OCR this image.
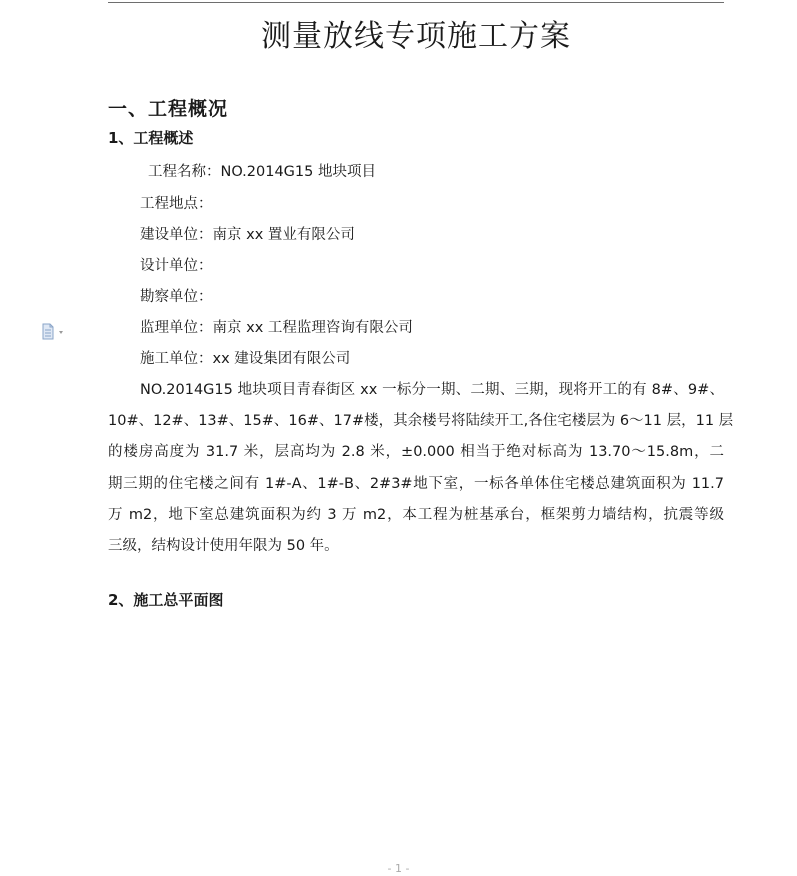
测量放线专项施工方案
一、工程概况
1、工程概述
工程名称：NO.2014G15 地块项目
工程地点：
建设单位：南京 xx 置业有限公司
设计单位：
勘察单位：
监理单位：南京 xx 工程监理咨询有限公司
施工单位：xx 建设集团有限公司
NO.2014G15 地块项目青春街区 xx 一标分一期、二期、三期，现将开工的有 8#、9#、
10#、12#、13#、15#、16#、17#楼，其余楼号将陆续开工,各住宅楼层为 6～11 层，11 层
的楼房高度为 31.7 米，层高均为 2.8 米，±0.000 相当于绝对标高为 13.70～15.8m，二
期三期的住宅楼之间有 1#-A、1#-B、2#3#地下室，一标各单体住宅楼总建筑面积为 11.7
万 m2，地下室总建筑面积为约 3 万 m2，本工程为桩基承台，框架剪力墙结构，抗震等级
三级，结构设计使用年限为 50 年。
2、施工总平面图
- 1 -
